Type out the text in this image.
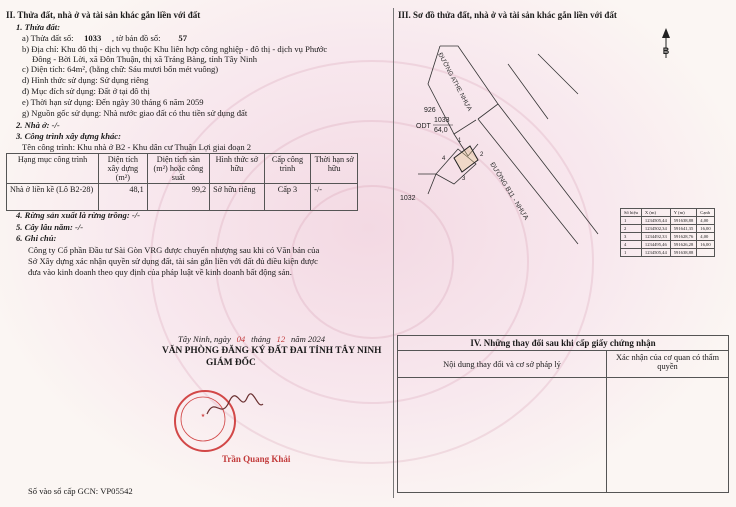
II. Thửa đất, nhà ở và tài sản khác gắn liền với đất
1. Thửa đất:
a) Thửa đất số: 1033 , tờ bản đồ số: 57
b) Địa chỉ: Khu đô thị - dịch vụ thuộc Khu liên hợp công nghiệp - đô thị - dịch vụ Phước
Đông - Bời Lời, xã Đôn Thuận, thị xã Trảng Bàng, tỉnh Tây Ninh
c) Diện tích: 64m², (bằng chữ: Sáu mươi bốn mét vuông)
d) Hình thức sử dụng: Sử dụng riêng
đ) Mục đích sử dụng: Đất ở tại đô thị
e) Thời hạn sử dụng: Đến ngày 30 tháng 6 năm 2059
g) Nguồn gốc sử dụng: Nhà nước giao đất có thu tiền sử dụng đất
2. Nhà ở: -/-
3. Công trình xây dựng khác:
Tên công trình: Khu nhà ở B2 - Khu dân cư Thuận Lợi giai đoạn 2
Hạng mục công trình	Diện tích xây dựng (m²)	Diện tích sàn (m²) hoặc công suất	Hình thức sở hữu	Cấp công trình	Thời hạn sở hữu
Nhà ở liền kề (Lô B2-28)	48,1	99,2	Sở hữu riêng	Cấp 3	-/-
4. Rừng sản xuất là rừng trồng: -/-
5. Cây lâu năm: -/-
6. Ghi chú:
Công ty Cổ phần Đầu tư Sài Gòn VRG được chuyển nhượng sau khi có Văn bản của
Sở Xây dựng xác nhận quyền sử dụng đất, tài sản gắn liền với đất đủ điều kiện được
đưa vào kinh doanh theo quy định của pháp luật về kinh doanh bất động sản.
Tây Ninh, ngày 04 tháng 12 năm 2024
VĂN PHÒNG ĐĂNG KÝ ĐẤT ĐAI TỈNH TÂY NINH
GIÁM ĐỐC
★
Trần Quang Khải
Số vào sổ cấp GCN: VP05542
III. Sơ đồ thửa đất, nhà ở và tài sản khác gắn liền với đất
B
ĐƯỜNG ATHE NHỰA
ĐƯỜNG B11 - NHỰA
ODT
1033
64,0
926
1032
1
2
3
4
Số hiệu	X (m)	Y (m)	Cạnh
1	1234505,44	591638,88	4,00
2	1234502,34	591641,35	16,00
3	1234492,33	591628,76	4,00
4	1234495,46	591626,28	16,00
1	1234505,44	591638,88	
IV. Những thay đổi sau khi cấp giấy chứng nhận	
Nội dung thay đổi và cơ sở pháp lý	Xác nhận của cơ quan có thẩm quyền
